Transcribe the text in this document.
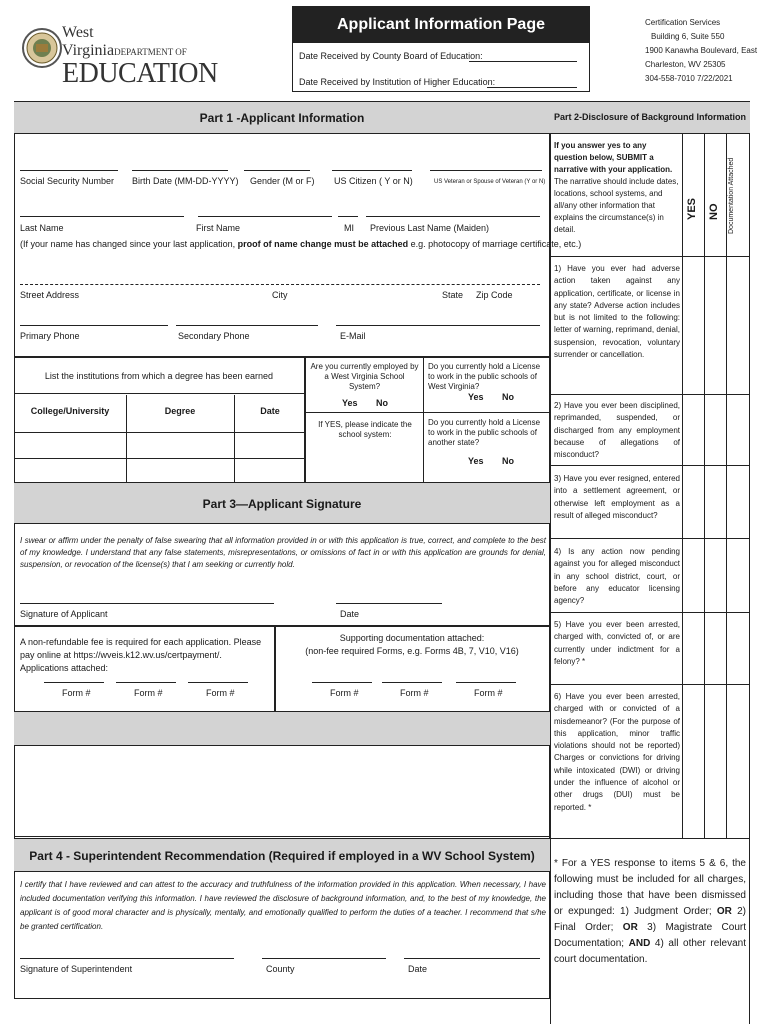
West VirginiaDEPARTMENT OF
EDUCATION
Applicant Information Page
Date Received by County Board of Education:
Date Received by Institution of Higher Education:
Certification Services
Building 6, Suite 550
1900 Kanawha Boulevard, East
Charleston, WV 25305
304-558-7010 7/22/2021
Part 1 -Applicant Information
Social Security Number Birth Date (MM-DD-YYYY) Gender (M or F) US Citizen ( Y or N)	US Veteran or Spouse of Veteran (Y or N)
Last Name	First Name	MI Previous Last Name (Maiden)
(If your name has changed since your last application, proof of name change must be attached e.g. photocopy of marriage certificate, etc.)
Street Address	City	State Zip Code
Primary Phone	Secondary Phone	E-Mail
List the institutions from which a degree has been earned
College/University	Degree	Date
Are you currently employed by a West Virginia School System?
Yes No
If YES, please indicate the school system:
Do you currently hold a License to work in the public schools of West Virginia?
Yes No
Do you currently hold a License to work in the public schools of another state?
Yes No
Part 3—Applicant Signature
I swear or affirm under the penalty of false swearing that all information provided in or with this application is true, correct, and complete to the best of my knowledge. I understand that any false statements, misrepresentations, or omissions of fact in or with this application are grounds for denial, suspension, or revocation of the license(s) that I am seeking or currently hold.
Signature of Applicant	Date
A non-refundable fee is required for each application. Please pay online at https://wveis.k12.wv.us/certpayment/. Applications attached:
Supporting documentation attached:
(non-fee required Forms, e.g. Forms 4B, 7, V10, V16)
Form #	Form #	Form #	Form #	Form #	Form #
Part 4 - Superintendent Recommendation (Required if employed in a WV School System)
I certify that I have reviewed and can attest to the accuracy and truthfulness of the information provided in this application. When necessary, I have included documentation verifying this information. I have reviewed the disclosure of background information, and, to the best of my knowledge, the applicant is of good moral character and is physically, mentally, and emotionally qualified to perform the duties of a teacher. I recommend that s/he be granted certification.
Signature of Superintendent	County	Date
Part 2-Disclosure of Background Information
If you answer yes to any question below, SUBMIT a narrative with your application. The narrative should include dates, locations, school systems, and all/any other information that explains the circumstance(s) in detail.
YES NO Documentation Attached
1) Have you ever had adverse action taken against any application, certificate, or license in any state? Adverse action includes but is not limited to the following: letter of warning, reprimand, denial, suspension, revocation, voluntary surrender or cancellation.
2) Have you ever been disciplined, reprimanded, suspended, or discharged from any employment because of allegations of misconduct?
3) Have you ever resigned, entered into a settlement agreement, or otherwise left employment as a result of alleged misconduct?
4) Is any action now pending against you for alleged misconduct in any school district, court, or before any educator licensing agency?
5) Have you ever been arrested, charged with, convicted of, or are currently under indictment for a felony? *
6) Have you ever been arrested, charged with or convicted of a misdemeanor? (For the purpose of this application, minor traffic violations should not be reported) Charges or convictions for driving while intoxicated (DWI) or driving under the influence of alcohol or other drugs (DUI) must be reported. *
* For a YES response to items 5 & 6, the following must be included for all charges, including those that have been dismissed or expunged: 1) Judgment Order; OR 2) Final Order; OR 3) Magistrate Court Documentation; AND 4) all other relevant court documentation.
